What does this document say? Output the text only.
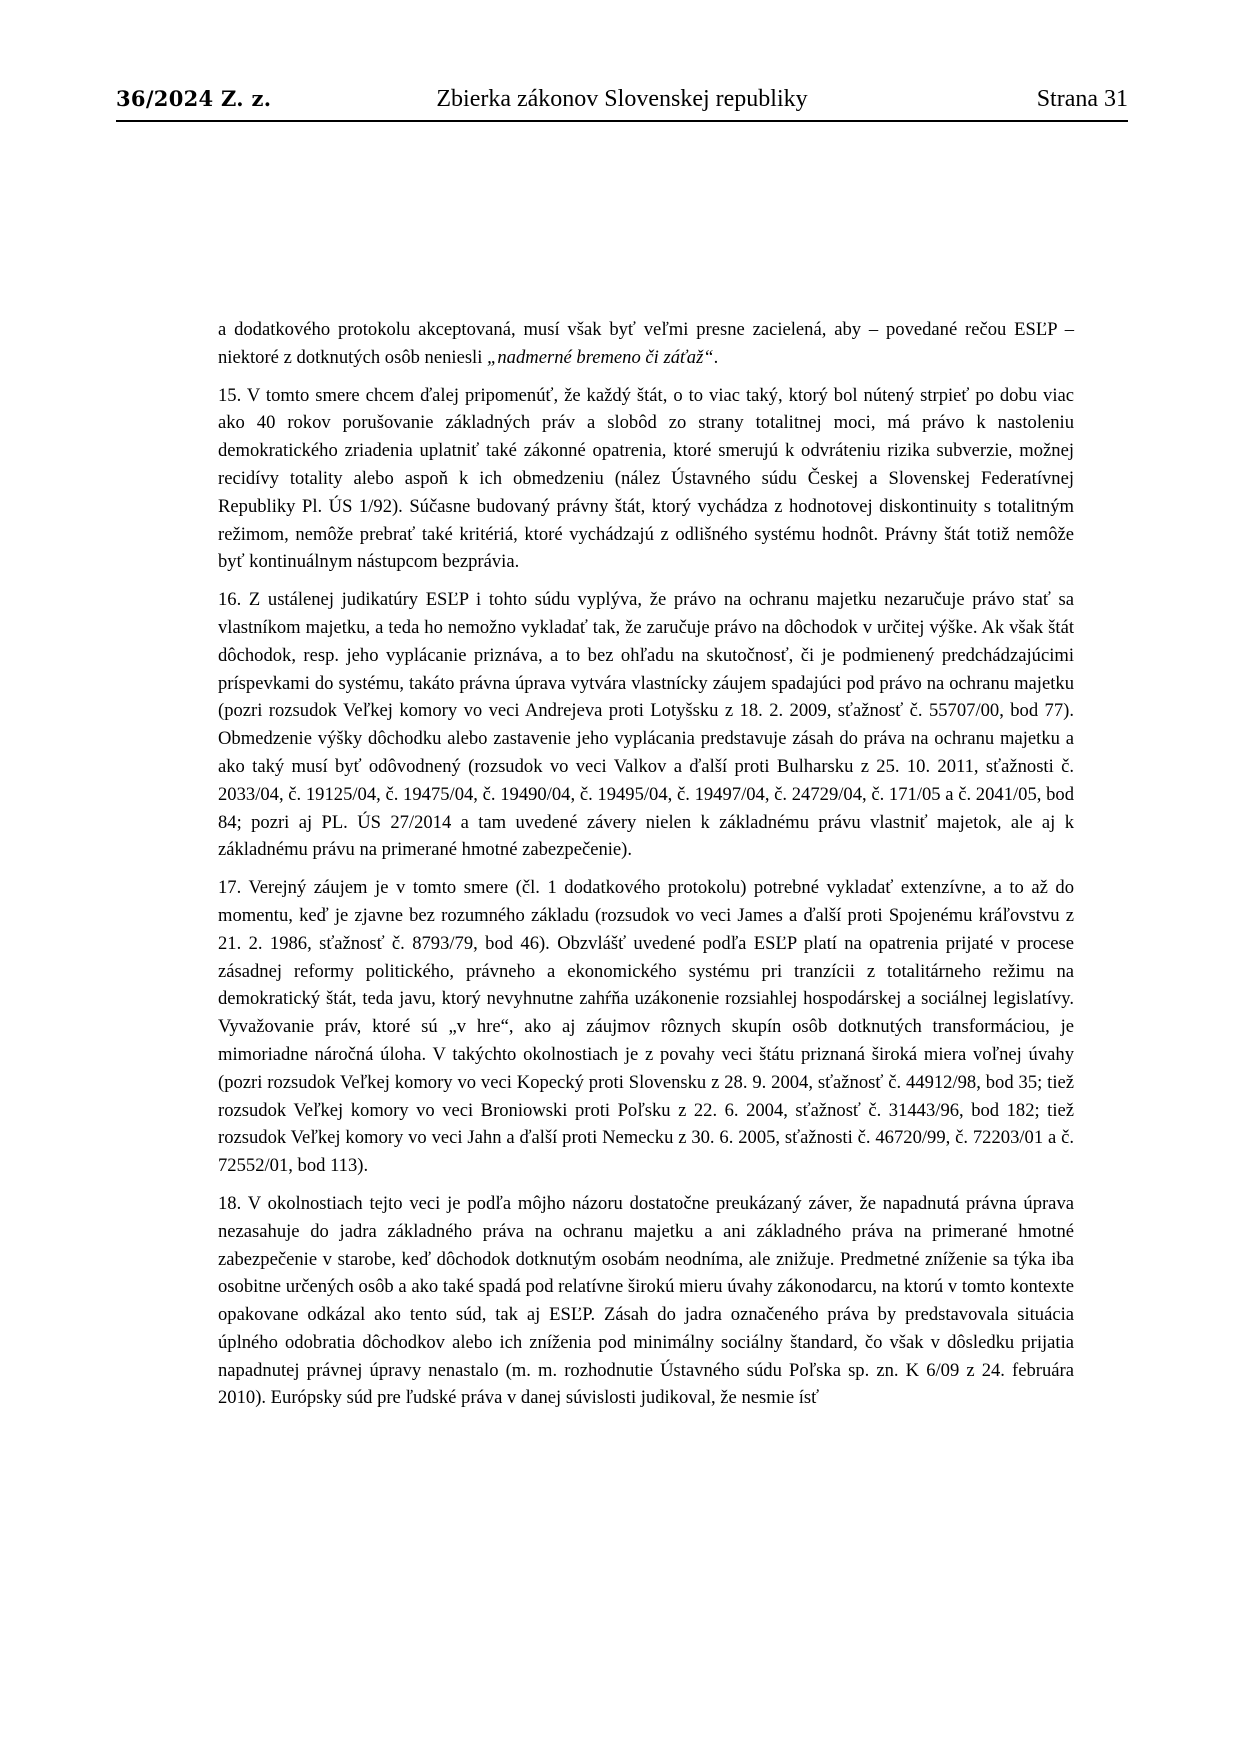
36/2024 Z. z.	Zbierka zákonov Slovenskej republiky	Strana 31

a dodatkového protokolu akceptovaná, musí však byť veľmi presne zacielená, aby – povedané rečou ESĽP – niektoré z dotknutých osôb neniesli „nadmerné bremeno či záťaž“.

15. V tomto smere chcem ďalej pripomenúť, že každý štát, o to viac taký, ktorý bol nútený strpieť po dobu viac ako 40 rokov porušovanie základných práv a slobôd zo strany totalitnej moci, má právo k nastoleniu demokratického zriadenia uplatniť také zákonné opatrenia, ktoré smerujú k odvráteniu rizika subverzie, možnej recidívy totality alebo aspoň k ich obmedzeniu (nález Ústavného súdu Českej a Slovenskej Federatívnej Republiky Pl. ÚS 1/92). Súčasne budovaný právny štát, ktorý vychádza z hodnotovej diskontinuity s totalitným režimom, nemôže prebrať také kritériá, ktoré vychádzajú z odlišného systému hodnôt. Právny štát totiž nemôže byť kontinuálnym nástupcom bezprávia.

16. Z ustálenej judikatúry ESĽP i tohto súdu vyplýva, že právo na ochranu majetku nezaručuje právo stať sa vlastníkom majetku, a teda ho nemožno vykladať tak, že zaručuje právo na dôchodok v určitej výške. Ak však štát dôchodok, resp. jeho vyplácanie priznáva, a to bez ohľadu na skutočnosť, či je podmienený predchádzajúcimi príspevkami do systému, takáto právna úprava vytvára vlastnícky záujem spadajúci pod právo na ochranu majetku (pozri rozsudok Veľkej komory vo veci Andrejeva proti Lotyšsku z 18. 2. 2009, sťažnosť č. 55707/00, bod 77). Obmedzenie výšky dôchodku alebo zastavenie jeho vyplácania predstavuje zásah do práva na ochranu majetku a ako taký musí byť odôvodnený (rozsudok vo veci Valkov a ďalší proti Bulharsku z 25. 10. 2011, sťažnosti č. 2033/04, č. 19125/04, č. 19475/04, č. 19490/04, č. 19495/04, č. 19497/04, č. 24729/04, č. 171/05 a č. 2041/05, bod 84; pozri aj PL. ÚS 27/2014 a tam uvedené závery nielen k základnému právu vlastniť majetok, ale aj k základnému právu na primerané hmotné zabezpečenie).

17. Verejný záujem je v tomto smere (čl. 1 dodatkového protokolu) potrebné vykladať extenzívne, a to až do momentu, keď je zjavne bez rozumného základu (rozsudok vo veci James a ďalší proti Spojenému kráľovstvu z 21. 2. 1986, sťažnosť č. 8793/79, bod 46). Obzvlášť uvedené podľa ESĽP platí na opatrenia prijaté v procese zásadnej reformy politického, právneho a ekonomického systému pri tranzícii z totalitárneho režimu na demokratický štát, teda javu, ktorý nevyhnutne zahŕňa uzákonenie rozsiahlej hospodárskej a sociálnej legislatívy. Vyvažovanie práv, ktoré sú „v hre“, ako aj záujmov rôznych skupín osôb dotknutých transformáciou, je mimoriadne náročná úloha. V takýchto okolnostiach je z povahy veci štátu priznaná široká miera voľnej úvahy (pozri rozsudok Veľkej komory vo veci Kopecký proti Slovensku z 28. 9. 2004, sťažnosť č. 44912/98, bod 35; tiež rozsudok Veľkej komory vo veci Broniowski proti Poľsku z 22. 6. 2004, sťažnosť č. 31443/96, bod 182; tiež rozsudok Veľkej komory vo veci Jahn a ďalší proti Nemecku z 30. 6. 2005, sťažnosti č. 46720/99, č. 72203/01 a č. 72552/01, bod 113).

18. V okolnostiach tejto veci je podľa môjho názoru dostatočne preukázaný záver, že napadnutá právna úprava nezasahuje do jadra základného práva na ochranu majetku a ani základného práva na primerané hmotné zabezpečenie v starobe, keď dôchodok dotknutým osobám neodníma, ale znižuje. Predmetné zníženie sa týka iba osobitne určených osôb a ako také spadá pod relatívne širokú mieru úvahy zákonodarcu, na ktorú v tomto kontexte opakovane odkázal ako tento súd, tak aj ESĽP. Zásah do jadra označeného práva by predstavovala situácia úplného odobratia dôchodkov alebo ich zníženia pod minimálny sociálny štandard, čo však v dôsledku prijatia napadnutej právnej úpravy nenastalo (m. m. rozhodnutie Ústavného súdu Poľska sp. zn. K 6/09 z 24. februára 2010). Európsky súd pre ľudské práva v danej súvislosti judikoval, že nesmie ísť
